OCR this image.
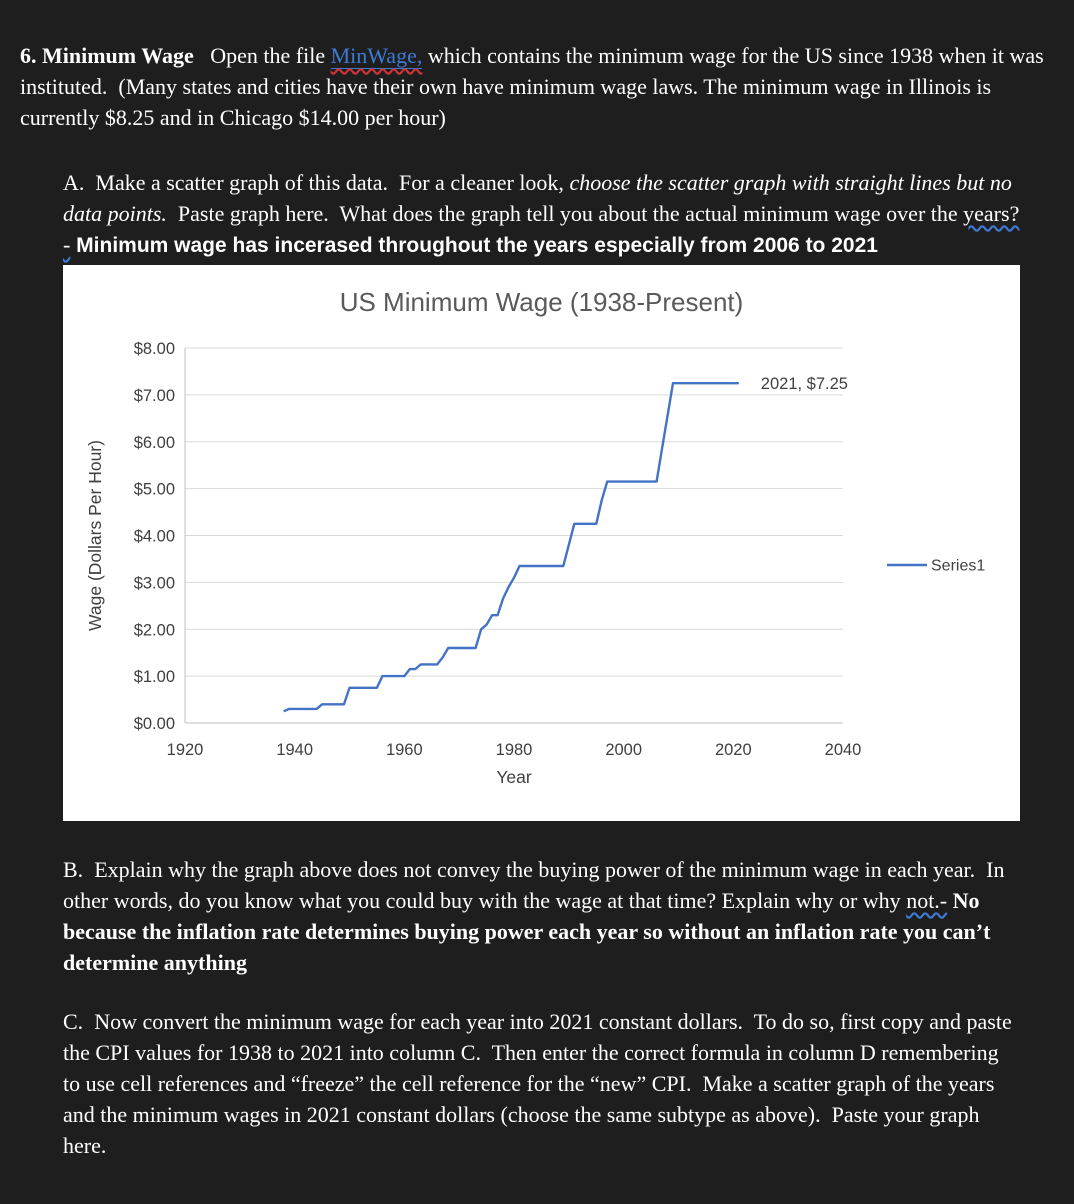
6. Minimum Wage   Open the file MinWage, which contains the minimum wage for the US since 1938 when it was instituted.  (Many states and cities have their own have minimum wage laws. The minimum wage in Illinois is currently $8.25 and in Chicago $14.00 per hour)

A.  Make a scatter graph of this data.  For a cleaner look, choose the scatter graph with straight lines but no data points.  Paste graph here.  What does the graph tell you about the actual minimum wage over the years?- Minimum wage has incerased throughout the years especially from 2006 to 2021

$0.00
$1.00
$2.00
$3.00
$4.00
$5.00
$6.00
$7.00
$8.00
1920	1940	1960	1980	2000	2020	2040
US Minimum Wage (1938-Present)
Year
Wage (Dollars Per Hour)
2021, $7.25
Series1

B.  Explain why the graph above does not convey the buying power of the minimum wage in each year.  In other words, do you know what you could buy with the wage at that time? Explain why or why not.- No because the inflation rate determines buying power each year so without an inflation rate you can’t determine anything

C.  Now convert the minimum wage for each year into 2021 constant dollars.  To do so, first copy and paste the CPI values for 1938 to 2021 into column C.  Then enter the correct formula in column D remembering to use cell references and “freeze” the cell reference for the “new” CPI.  Make a scatter graph of the years and the minimum wages in 2021 constant dollars (choose the same subtype as above).  Paste your graph here.
